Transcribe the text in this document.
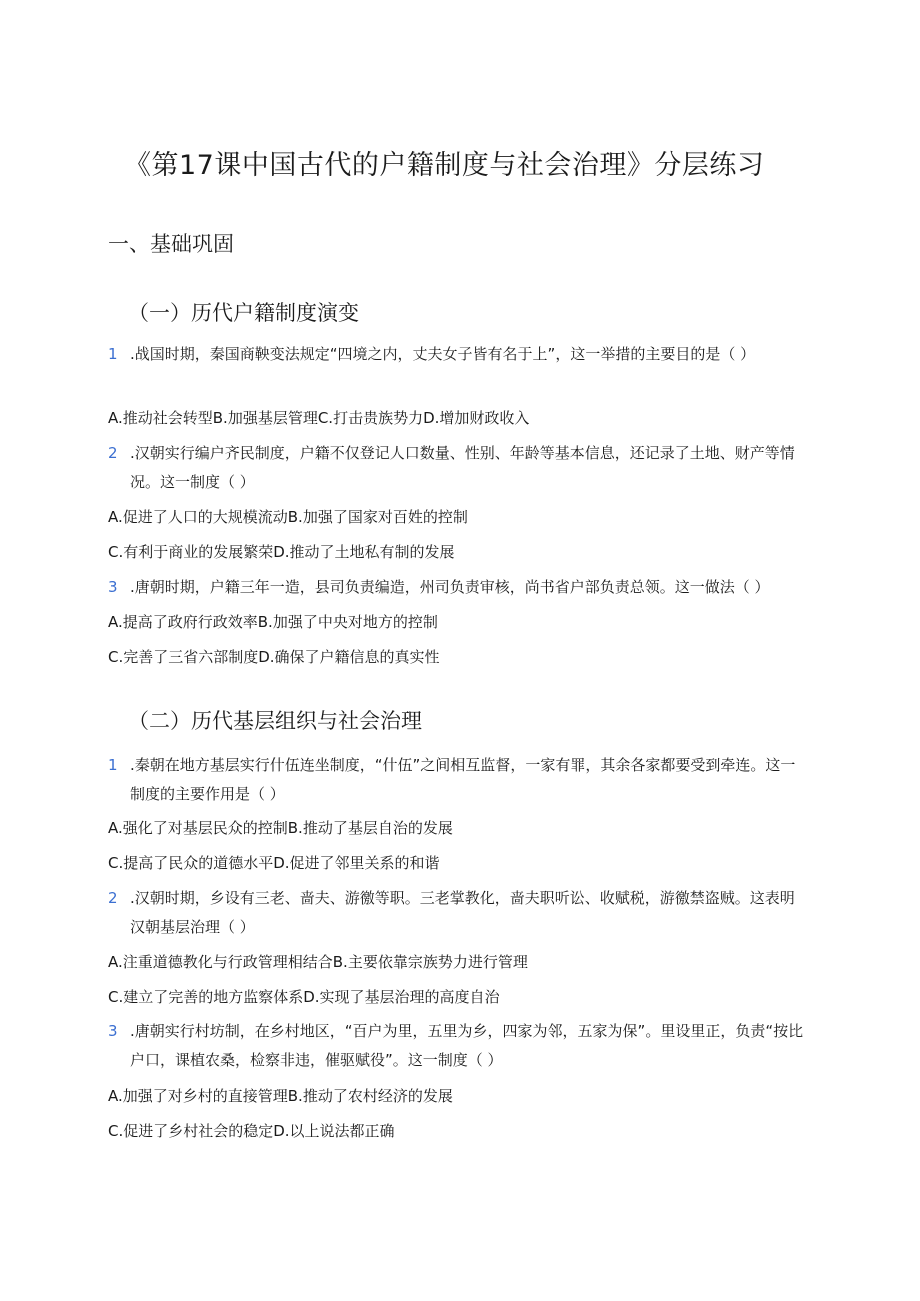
《第17课中国古代的户籍制度与社会治理》分层练习
一、基础巩固
（一）历代户籍制度演变
1 .战国时期，秦国商鞅变法规定“四境之内，丈夫女子皆有名于上”，这一举措的主要目的是（ ）
A.推动社会转型B.加强基层管理C.打击贵族势力D.增加财政收入
2 .汉朝实行编户齐民制度，户籍不仅登记人口数量、性别、年龄等基本信息，还记录了土地、财产等情况。这一制度（ ）
A.促进了人口的大规模流动B.加强了国家对百姓的控制
C.有利于商业的发展繁荣D.推动了土地私有制的发展
3 .唐朝时期，户籍三年一造，县司负责编造，州司负责审核，尚书省户部负责总领。这一做法（ ）
A.提高了政府行政效率B.加强了中央对地方的控制
C.完善了三省六部制度D.确保了户籍信息的真实性
（二）历代基层组织与社会治理
1 .秦朝在地方基层实行什伍连坐制度，“什伍”之间相互监督，一家有罪，其余各家都要受到牵连。这一制度的主要作用是（ ）
A.强化了对基层民众的控制B.推动了基层自治的发展
C.提高了民众的道德水平D.促进了邻里关系的和谐
2 .汉朝时期，乡设有三老、啬夫、游徼等职。三老掌教化，啬夫职听讼、收赋税，游徼禁盗贼。这表明汉朝基层治理（ ）
A.注重道德教化与行政管理相结合B.主要依靠宗族势力进行管理
C.建立了完善的地方监察体系D.实现了基层治理的高度自治
3 .唐朝实行村坊制，在乡村地区，“百户为里，五里为乡，四家为邻，五家为保”。里设里正，负责“按比户口，课植农桑，检察非违，催驱赋役”。这一制度（ ）
A.加强了对乡村的直接管理B.推动了农村经济的发展
C.促进了乡村社会的稳定D.以上说法都正确
